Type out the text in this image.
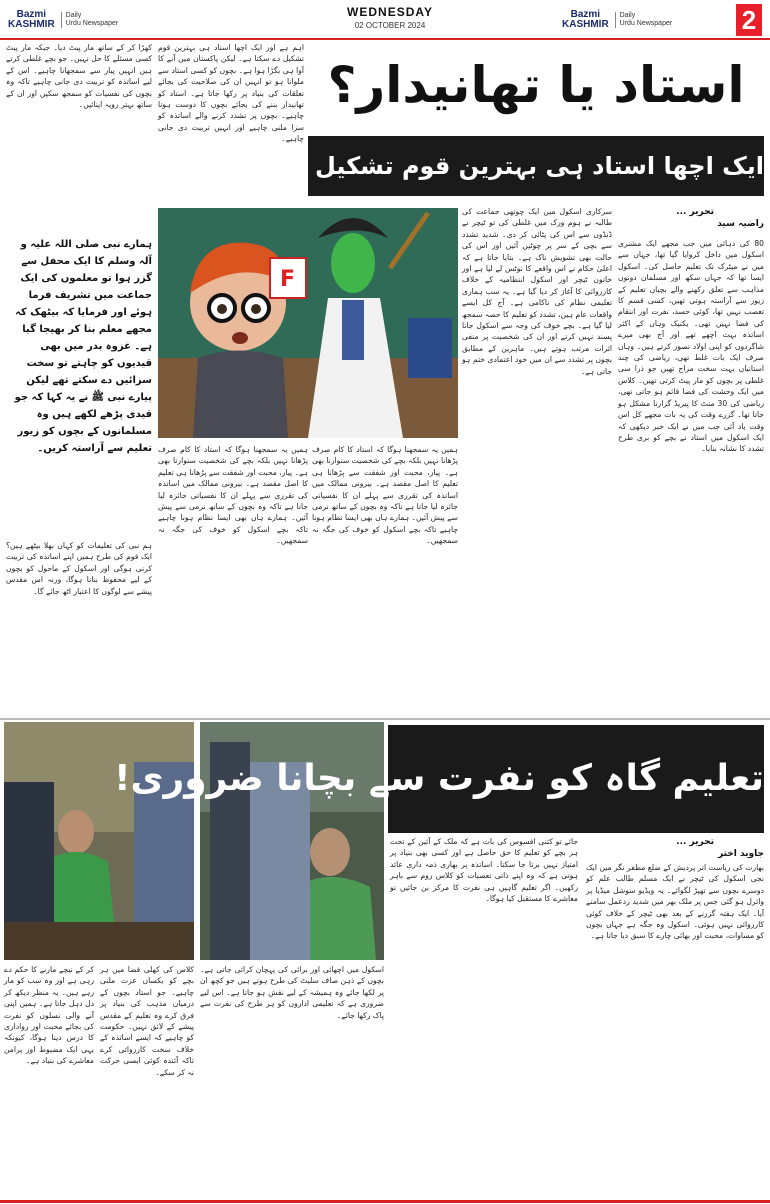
Bazmi
KASHMIR
Daily
Urdu Newspaper
WEDNESDAY
02 OCTOBER 2024
Bazmi
KASHMIR
Daily
Urdu Newspaper	2
استاد یا تھانیدار؟
ایک اچھا استاد ہی بہترین قوم تشکیل دے سکتا ہے
تحریر ...
راضیہ سید
80 کی دہائی میں جب مجھے ایک مشنری اسکول میں داخل کروایا گیا تھا، جہاں سے میں نے میٹرک تک تعلیم حاصل کی۔ اسکول ایسا تھا کہ جہاں سکھ اور مسلمان دونوں مذاہب سے تعلق رکھنے والے بچیاں تعلیم کے زیور سے آراستہ ہوتی تھیں، کسی قسم کا تعصب نہیں تھا، کوئی حسد، نفرت اور انتقام کی فضا نہیں تھی۔ یکنیک وہاں کے اکثر اساتذہ بہت اچھے تھے اور آج بھی میرے شاگردوں کو اپنی اولاد تصور کرتے ہیں۔ وہاں صرف ایک بات غلط تھی، ریاضی کی چند استانیاں بہت سخت مزاج تھیں جو ذرا سی غلطی پر بچوں کو مار پیٹ کرتی تھیں۔ کلاس میں ایک وحشت کی فضا قائم ہو جاتی تھی، ریاضی کی 30 منٹ کا پیریڈ گزارنا مشکل ہو جاتا تھا۔ گزرے وقت کی یہ بات مجھے کل اس وقت یاد آئی جب میں نے ایک خبر دیکھی کہ ایک اسکول میں استاد نے بچے کو بری طرح تشدد کا نشانہ بنایا۔
سرکاری اسکول میں ایک چوتھی جماعت کی طالبہ نے ہوم ورک میں غلطی کی تو ٹیچر نے ڈنڈوں سے اس کی پٹائی کر دی۔ شدید تشدد سے بچی کے سر پر چوٹیں آئیں اور اس کی حالت بھی تشویش ناک ہے۔ بتایا جاتا ہے کہ اعلیٰ حکام نے اس واقعے کا نوٹس لے لیا ہے اور خاتون ٹیچر اور اسکول انتظامیہ کے خلاف کارروائی کا آغاز کر دیا گیا ہے۔ یہ سب ہماری تعلیمی نظام کی ناکامی ہے۔ آج کل ایسے واقعات عام ہیں، تشدد کو تعلیم کا حصہ سمجھ لیا گیا ہے۔ بچے خوف کی وجہ سے اسکول جانا پسند نہیں کرتے اور ان کی شخصیت پر منفی اثرات مرتب ہوتے ہیں۔ ماہرین کے مطابق بچوں پر تشدد سے ان میں خود اعتمادی ختم ہو جاتی ہے۔
F
ہمیں یہ سمجھنا ہوگا کہ استاد کا کام صرف پڑھانا نہیں بلکہ بچے کی شخصیت سنوارنا بھی ہے۔ پیار، محبت اور شفقت سے پڑھانا ہی تعلیم کا اصل مقصد ہے۔ بیرونی ممالک میں اساتذہ کی تقرری سے پہلے ان کا نفسیاتی جائزہ لیا جاتا ہے تاکہ وہ بچوں کے ساتھ نرمی سے پیش آئیں۔ ہمارے ہاں بھی ایسا نظام ہونا چاہیے تاکہ بچے اسکول کو خوف کی جگہ نہ سمجھیں۔
ہمیں یہ سمجھنا ہوگا کہ استاد کا کام صرف پڑھانا نہیں بلکہ بچے کی شخصیت سنوارنا بھی ہے۔ پیار، محبت اور شفقت سے پڑھانا ہی تعلیم کا اصل مقصد ہے۔ بیرونی ممالک میں اساتذہ کی تقرری سے پہلے ان کا نفسیاتی جائزہ لیا جاتا ہے تاکہ وہ بچوں کے ساتھ نرمی سے پیش آئیں۔ ہمارے ہاں بھی ایسا نظام ہونا چاہیے تاکہ بچے اسکول کو خوف کی جگہ نہ سمجھیں۔
اہم ہے اور ایک اچھا استاد ہی بہترین قوم تشکیل دے سکتا ہے۔ لیکن پاکستان میں آنے کا آوا ہی بگڑا ہوا ہے۔ بچوں کو کسی استاد سے ملوانا ہو تو انہیں ان کی صلاحیت کی بجائے تعلقات کی بنیاد پر رکھا جاتا ہے۔ استاد کو تھانیدار بننے کی بجائے بچوں کا دوست ہونا چاہیے۔ بچوں پر تشدد کرنے والے اساتذہ کو سزا ملنی چاہیے اور انہیں تربیت دی جانی چاہیے۔
کھڑا کر کے ساتھ مار پیٹ دیا۔ جبکہ مار پیٹ کسی مسئلے کا حل نہیں۔ جو بچے غلطی کرتے ہیں انہیں پیار سے سمجھانا چاہیے۔ اس کے لیے اساتذہ کو تربیت دی جانی چاہیے تاکہ وہ بچوں کی نفسیات کو سمجھ سکیں اور ان کے ساتھ بہتر رویہ اپنائیں۔
ہمارے نبی صلی اللہ علیہ و آلہ وسلم کا ایک محفل سے گزر ہوا تو معلموں کی ایک جماعت میں تشریف فرما ہوئے اور فرمایا کہ بیٹھک کہ مجھے معلم بنا کر بھیجا گیا ہے۔ غزوہ بدر میں بھی قیدیوں کو چاہتے تو سخت سزائیں دے سکتے تھے لیکن پیارے نبی ﷺ نے یہ کہا کہ جو قیدی پڑھے لکھے ہیں وہ مسلمانوں کے بچوں کو زیور تعلیم سے آراستہ کریں۔
ہم نبی کی تعلیمات کو کہاں بھلا بیٹھے ہیں؟ ایک قوم کی طرح ہمیں اپنے اساتذہ کی تربیت کرنی ہوگی اور اسکول کے ماحول کو بچوں کے لیے محفوظ بنانا ہوگا، ورنہ اس مقدس پیشے سے لوگوں کا اعتبار اٹھ جائے گا۔
تعلیم گاہ کو نفرت سے بچانا ضروری!
تحریر ...
جاوید اختر
بھارت کی ریاست اتر پردیش کے ضلع مظفر نگر میں ایک نجی اسکول کی ٹیچر نے ایک مسلم طالب علم کو دوسرے بچوں سے تھپڑ لگوائے۔ یہ ویڈیو سوشل میڈیا پر وائرل ہو گئی جس پر ملک بھر میں شدید ردعمل سامنے آیا۔ ایک ہفتہ گزرنے کے بعد بھی ٹیچر کے خلاف کوئی کارروائی نہیں ہوئی۔ اسکول وہ جگہ ہے جہاں بچوں کو مساوات، محبت اور بھائی چارے کا سبق دیا جاتا ہے۔
جائے تو کتنی افسوس کی بات ہے کہ ملک کے آئین کے تحت ہر بچے کو تعلیم کا حق حاصل ہے اور کسی بھی بنیاد پر امتیاز نہیں برتا جا سکتا۔ اساتذہ پر بھاری ذمہ داری عائد ہوتی ہے کہ وہ اپنے ذاتی تعصبات کو کلاس روم سے باہر رکھیں۔ اگر تعلیم گاہیں ہی نفرت کا مرکز بن جائیں تو معاشرے کا مستقبل کیا ہوگا۔
اسکول میں اچھائی اور برائی کی پہچان کرائی جاتی ہے۔ بچوں کے ذہن صاف سلیٹ کی طرح ہوتے ہیں جو کچھ ان پر لکھا جائے وہ ہمیشہ کے لیے نقش ہو جاتا ہے۔ اس لیے ضروری ہے کہ تعلیمی اداروں کو ہر طرح کی نفرت سے پاک رکھا جائے۔
کلاس کی کھلی فضا میں ہر بچے کو یکساں عزت ملنی چاہیے۔ جو استاد بچوں کے درمیان مذہب کی بنیاد پر فرق کرے وہ تعلیم کے مقدس پیشے کے لائق نہیں۔ حکومت کو چاہیے کہ ایسے اساتذہ کے خلاف سخت کارروائی کرے تاکہ آئندہ کوئی ایسی حرکت نہ کر سکے۔
کر کے نیچے مارنے کا حکم دے رہی ہے اور وہ سب کو مار رہے ہیں۔ یہ منظر دیکھ کر دل دہل جاتا ہے۔ ہمیں اپنی آنے والی نسلوں کو نفرت کی بجائے محبت اور رواداری کا درس دینا ہوگا، کیونکہ یہی ایک مضبوط اور پرامن معاشرے کی بنیاد ہے۔
